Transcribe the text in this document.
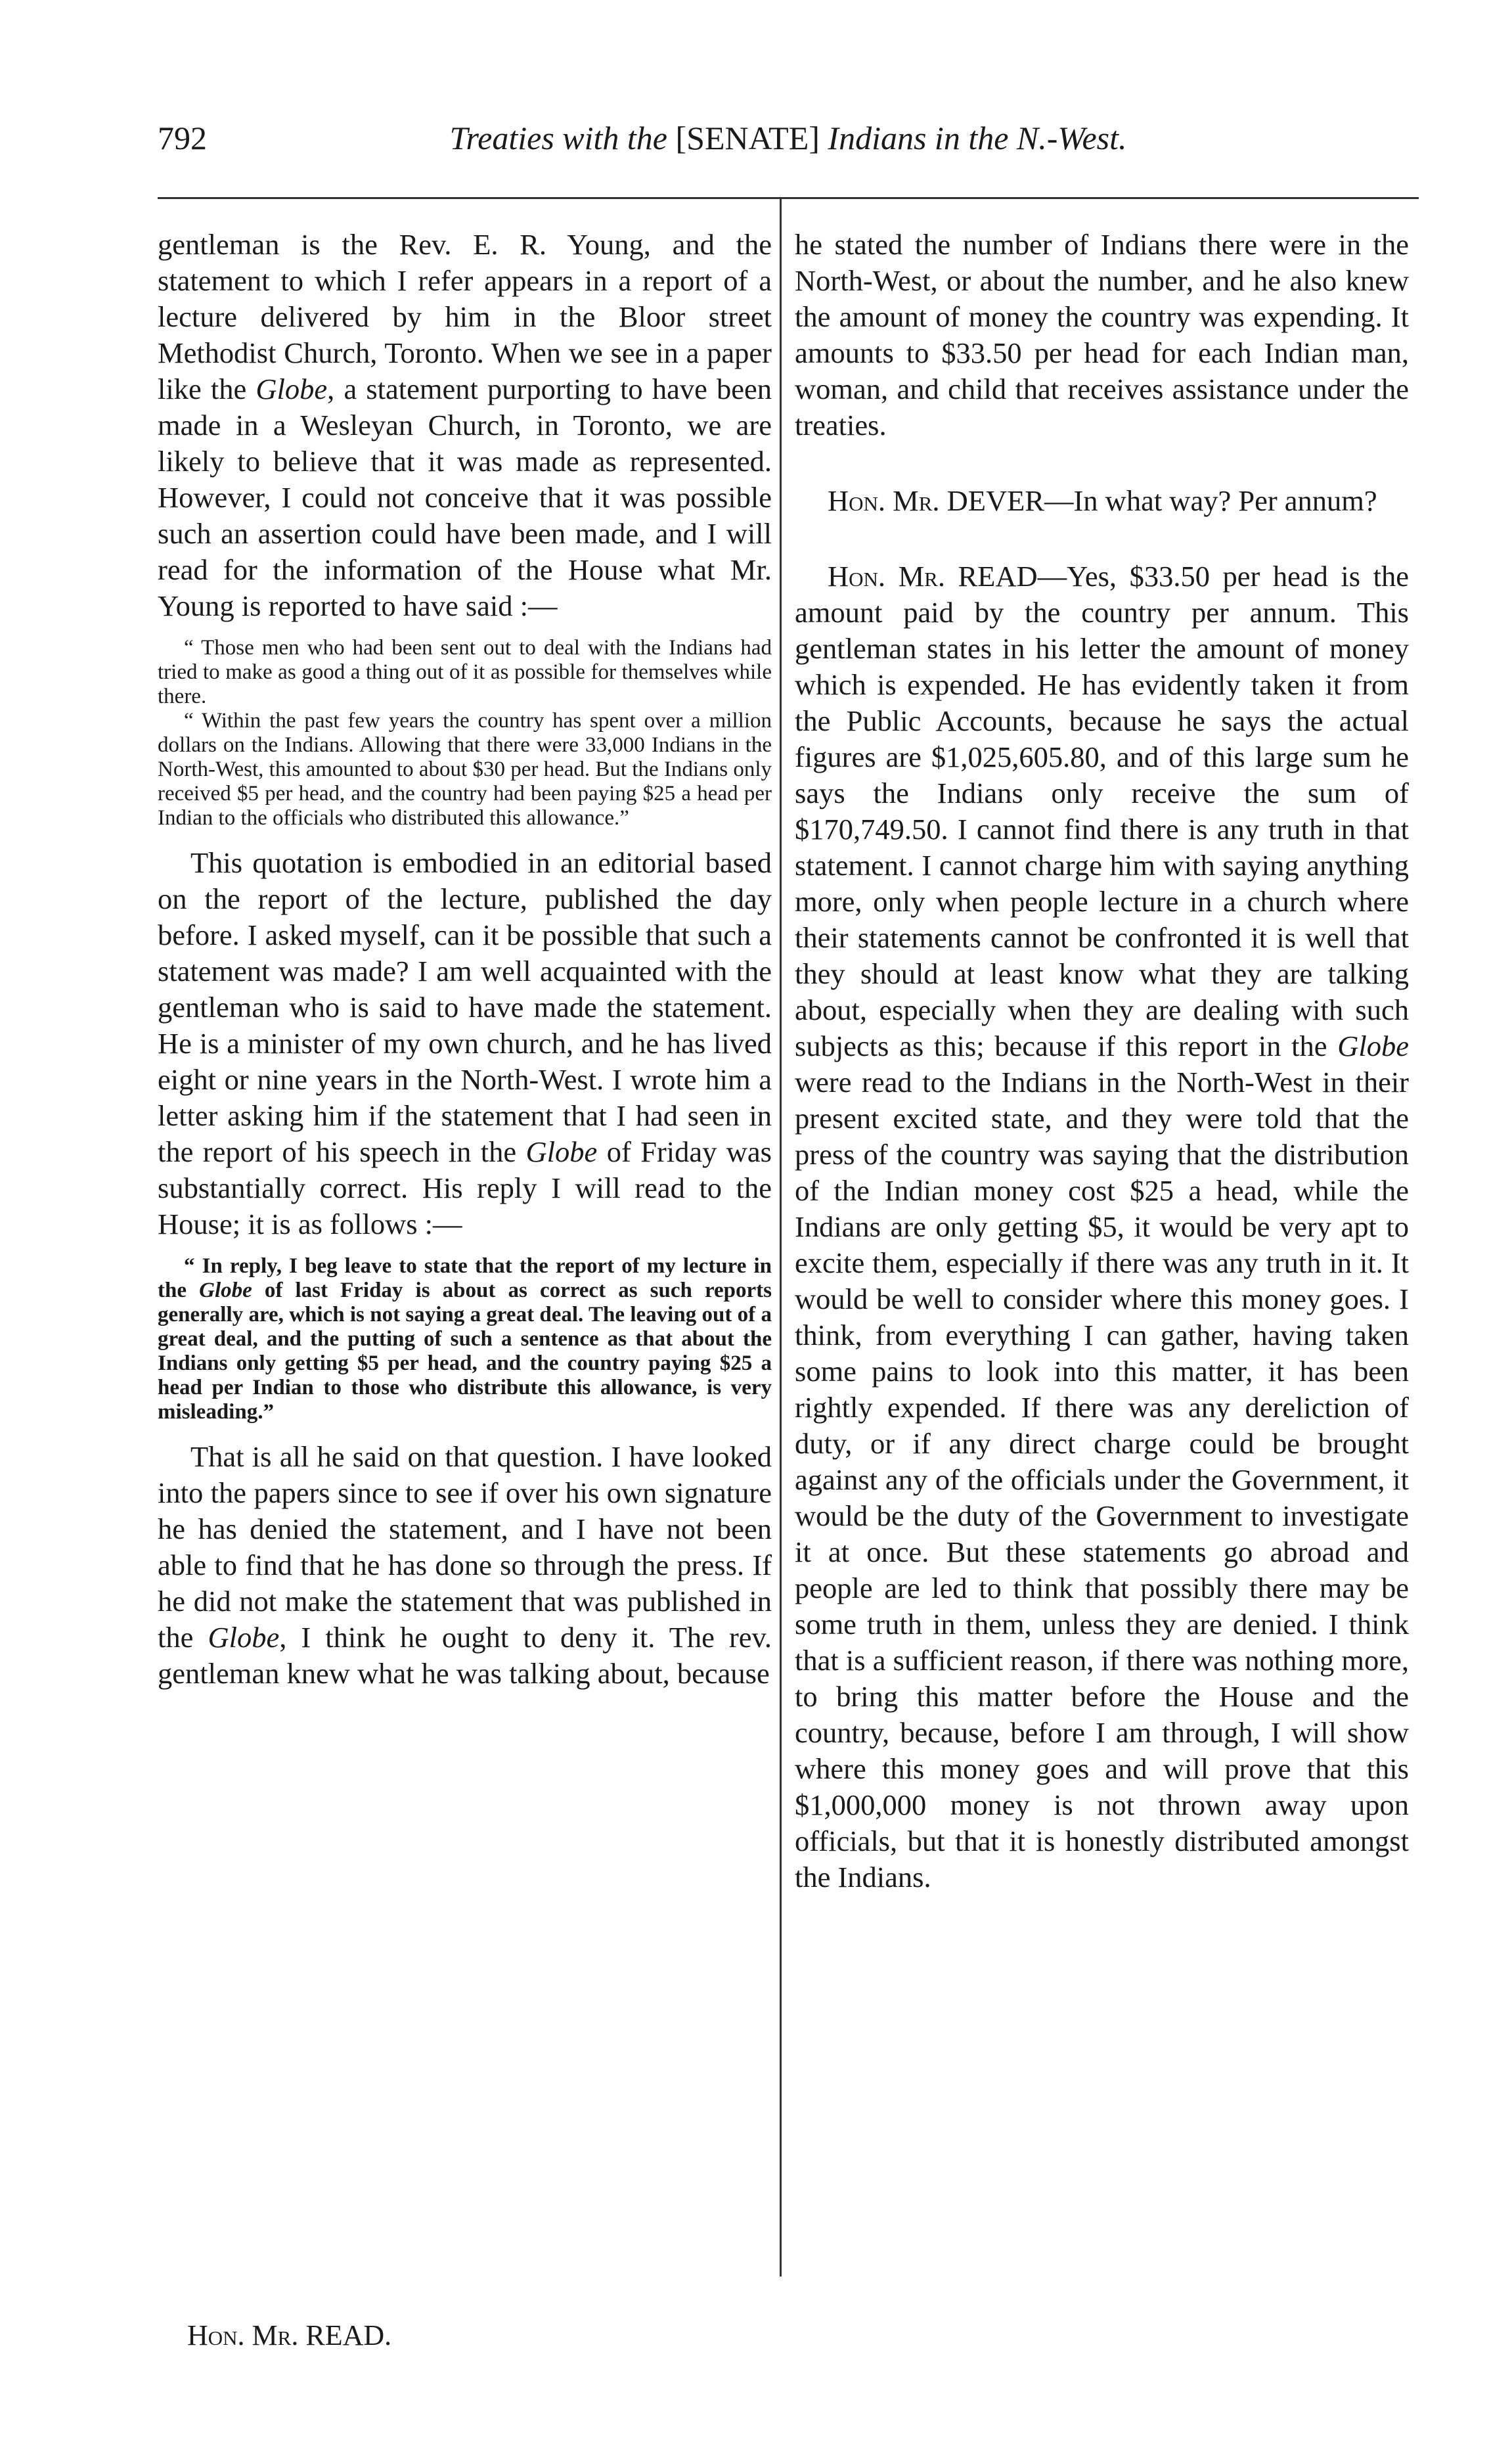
792	Treaties with the [SENATE] Indians in the N.-West.

gentleman is the Rev. E. R. Young, and the statement to which I refer appears in a report of a lecture delivered by him in the Bloor street Methodist Church, Toronto. When we see in a paper like the Globe, a statement purporting to have been made in a Wesleyan Church, in Toronto, we are likely to believe that it was made as represented. However, I could not conceive that it was possible such an assertion could have been made, and I will read for the information of the House what Mr. Young is reported to have said :—

“ Those men who had been sent out to deal with the Indians had tried to make as good a thing out of it as possible for themselves while there.

“ Within the past few years the country has spent over a million dollars on the Indians. Allowing that there were 33,000 Indians in the North-West, this amounted to about $30 per head. But the Indians only received $5 per head, and the country had been paying $25 a head per Indian to the officials who distributed this allowance.”

This quotation is embodied in an editorial based on the report of the lecture, published the day before. I asked myself, can it be possible that such a statement was made? I am well acquainted with the gentleman who is said to have made the statement. He is a minister of my own church, and he has lived eight or nine years in the North-West. I wrote him a letter asking him if the statement that I had seen in the report of his speech in the Globe of Friday was substantially correct. His reply I will read to the House; it is as follows :—

“ In reply, I beg leave to state that the report of my lecture in the Globe of last Friday is about as correct as such reports generally are, which is not saying a great deal. The leaving out of a great deal, and the putting of such a sentence as that about the Indians only getting $5 per head, and the country paying $25 a head per Indian to those who distribute this allowance, is very misleading.”

That is all he said on that question. I have looked into the papers since to see if over his own signature he has denied the statement, and I have not been able to find that he has done so through the press. If he did not make the statement that was published in the Globe, I think he ought to deny it. The rev. gentleman knew what he was talking about, because

he stated the number of Indians there were in the North-West, or about the number, and he also knew the amount of money the country was expending. It amounts to $33.50 per head for each Indian man, woman, and child that receives assistance under the treaties.

Hon. Mr. DEVER—In what way? Per annum?

Hon. Mr. READ—Yes, $33.50 per head is the amount paid by the country per annum. This gentleman states in his letter the amount of money which is expended. He has evidently taken it from the Public Accounts, because he says the actual figures are $1,025,605.80, and of this large sum he says the Indians only receive the sum of $170,749.50. I cannot find there is any truth in that statement. I cannot charge him with saying anything more, only when people lecture in a church where their statements cannot be confronted it is well that they should at least know what they are talking about, especially when they are dealing with such subjects as this; because if this report in the Globe were read to the Indians in the North-West in their present excited state, and they were told that the press of the country was saying that the distribution of the Indian money cost $25 a head, while the Indians are only getting $5, it would be very apt to excite them, especially if there was any truth in it. It would be well to consider where this money goes. I think, from everything I can gather, having taken some pains to look into this matter, it has been rightly expended. If there was any dereliction of duty, or if any direct charge could be brought against any of the officials under the Government, it would be the duty of the Government to investigate it at once. But these statements go abroad and people are led to think that possibly there may be some truth in them, unless they are denied. I think that is a sufficient reason, if there was nothing more, to bring this matter before the House and the country, because, before I am through, I will show where this money goes and will prove that this $1,000,000 money is not thrown away upon officials, but that it is honestly distributed amongst the Indians.

Hon. Mr. READ.
